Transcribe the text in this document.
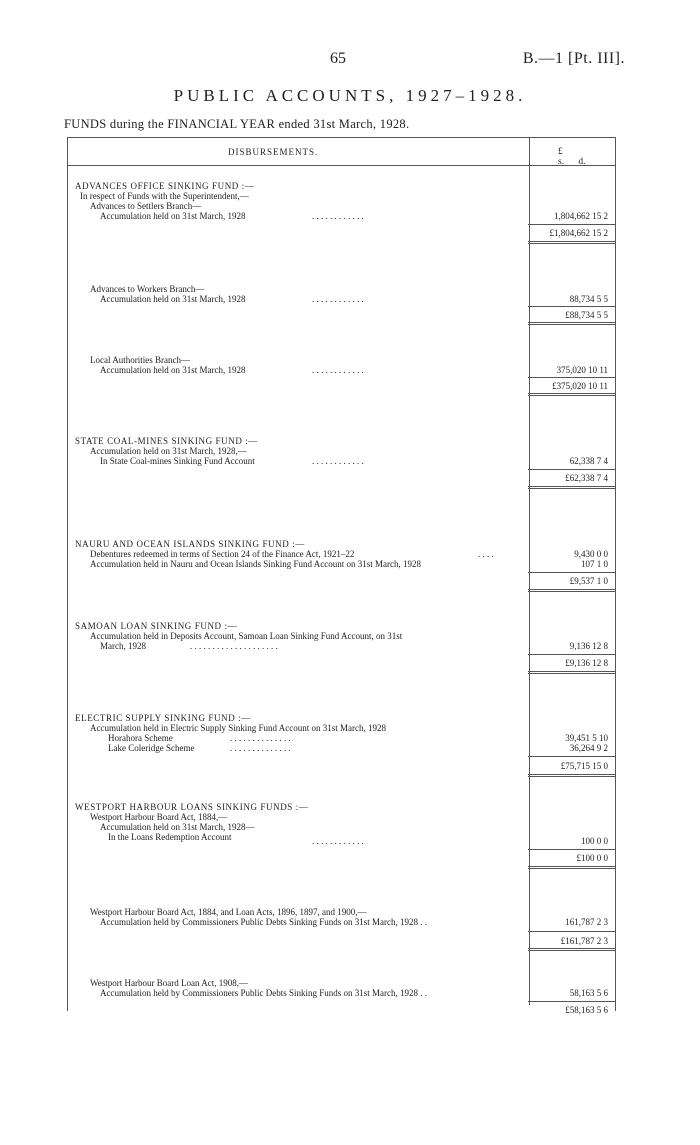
65	B.—1 [Pt. III].
PUBLIC ACCOUNTS, 1927–1928.
FUNDS during the FINANCIAL YEAR ended 31st March, 1928.
DISBURSEMENTS.	£ s. d.
ADVANCES OFFICE SINKING FUND :—
In respect of Funds with the Superintendent,—
Advances to Settlers Branch—
Accumulation held on 31st March, 1928	. . . . . . . . . . . .	1,804,662 15 2
£1,804,662 15 2
Advances to Workers Branch—
Accumulation held on 31st March, 1928	. . . . . . . . . . . .	88,734 5 5
£88,734 5 5
Local Authorities Branch—
Accumulation held on 31st March, 1928	. . . . . . . . . . . .	375,020 10 11
£375,020 10 11
STATE COAL-MINES SINKING FUND :—
Accumulation held on 31st March, 1928,—
In State Coal-mines Sinking Fund Account	. . . . . . . . . . . .	62,338 7 4
£62,338 7 4
NAURU AND OCEAN ISLANDS SINKING FUND :—
Debentures redeemed in terms of Section 24 of the Finance Act, 1921–22	. . . .	9,430 0 0
Accumulation held in Nauru and Ocean Islands Sinking Fund Account on 31st March, 1928	107 1 0
£9,537 1 0
SAMOAN LOAN SINKING FUND :—
Accumulation held in Deposits Account, Samoan Loan Sinking Fund Account, on 31st
March, 1928	. . . . . . . . . . . . . . . . . . . .	9,136 12 8
£9,136 12 8
ELECTRIC SUPPLY SINKING FUND :—
Accumulation held in Electric Supply Sinking Fund Account on 31st March, 1928
Horahora Scheme	. . . . . . . . . . . . . .	39,451 5 10
Lake Coleridge Scheme	. . . . . . . . . . . . . .	36,264 9 2
£75,715 15 0
WESTPORT HARBOUR LOANS SINKING FUNDS :—
Westport Harbour Board Act, 1884,—
Accumulation held on 31st March, 1928—
In the Loans Redemption Account	. . . . . . . . . . . .	100 0 0
£100 0 0
Westport Harbour Board Act, 1884, and Loan Acts, 1896, 1897, and 1900,—
Accumulation held by Commissioners Public Debts Sinking Funds on 31st March, 1928 . .	161,787 2 3
£161,787 2 3
Westport Harbour Board Loan Act, 1908,—
Accumulation held by Commissioners Public Debts Sinking Funds on 31st March, 1928 . .	58,163 5 6
£58,163 5 6
